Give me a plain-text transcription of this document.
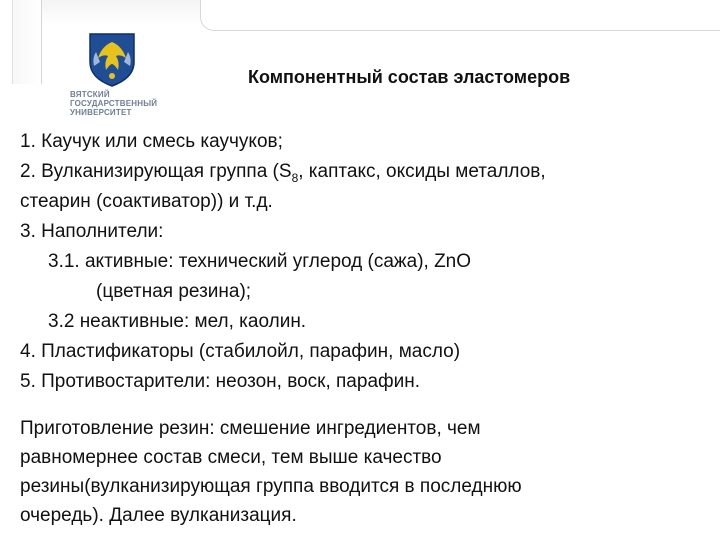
ВЯТСКИЙ
ГОСУДАРСТВЕННЫЙ
УНИВЕРСИТЕТ
Компонентный состав эластомеров
1. Каучук или смесь каучуков;
2. Вулканизирующая группа ($S_8$, каптакс, оксиды металлов,
стеарин (соактиватор)) и т.д.
3. Наполнители:
3.1. активные: технический углерод (сажа), ZnO
(цветная резина);
3.2 неактивные: мел, каолин.
4. Пластификаторы (стабилойл, парафин, масло)
5. Противостарители: неозон, воск, парафин.
Приготовление резин: смешение ингредиентов, чем
равномернее состав смеси, тем выше качество
резины(вулканизирующая группа вводится в последнюю
очередь). Далее вулканизация.
